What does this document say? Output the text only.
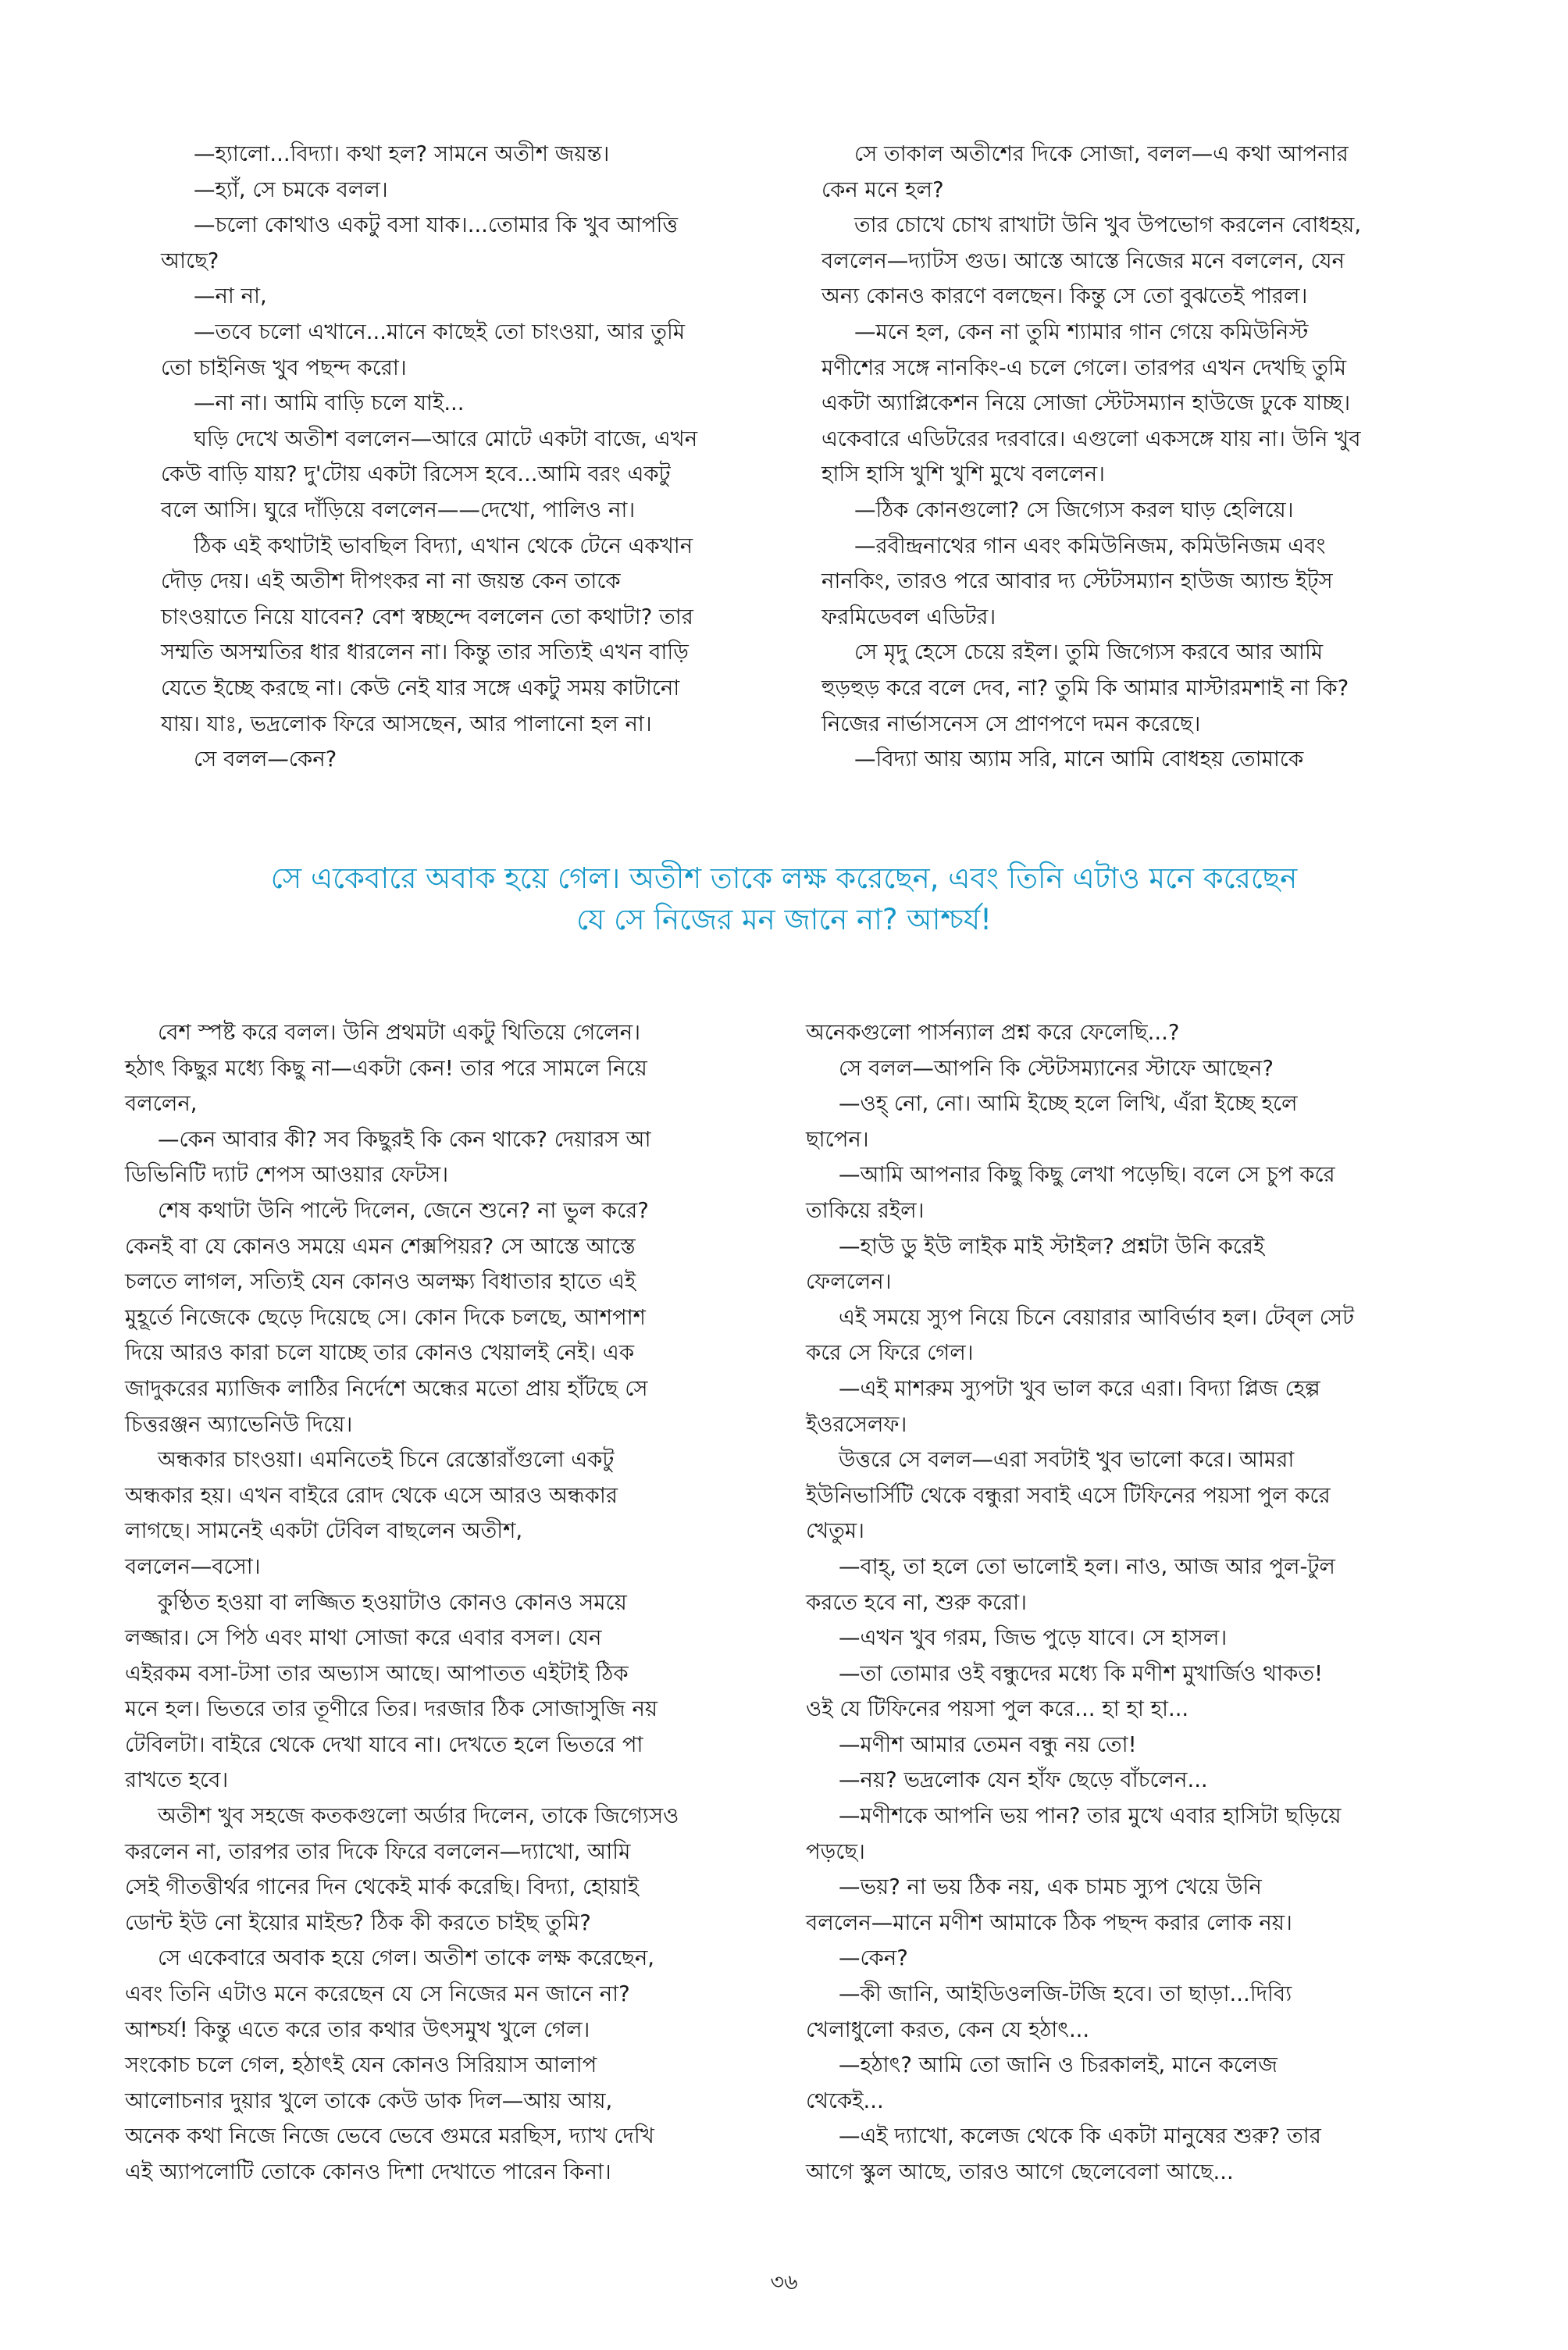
—হ্যালো...বিদ্যা। কথা হল? সামনে অতীশ জয়ন্ত।

—হ্যাঁ, সে চমকে বলল।

—চলো কোথাও একটু বসা যাক।...তোমার কি খুব আপত্তি

আছে?

—না না,

—তবে চলো এখানে...মানে কাছেই তো চাংওয়া, আর তুমি

তো চাইনিজ খুব পছন্দ করো।

—না না। আমি বাড়ি চলে যাই...

ঘড়ি দেখে অতীশ বললেন—আরে মোটে একটা বাজে, এখন

কেউ বাড়ি যায়? দু'টোয় একটা রিসেস হবে...আমি বরং একটু

বলে আসি। ঘুরে দাঁড়িয়ে বললেন——দেখো, পালিও না।

ঠিক এই কথাটাই ভাবছিল বিদ্যা, এখান থেকে টেনে একখান

দৌড় দেয়। এই অতীশ দীপংকর না না জয়ন্ত কেন তাকে

চাংওয়াতে নিয়ে যাবেন? বেশ স্বচ্ছন্দে বললেন তো কথাটা? তার

সম্মতি অসম্মতির ধার ধারলেন না। কিন্তু তার সত্যিই এখন বাড়ি

যেতে ইচ্ছে করছে না। কেউ নেই যার সঙ্গে একটু সময় কাটানো

যায়। যাঃ, ভদ্রলোক ফিরে আসছেন, আর পালানো হল না।

সে বলল—কেন?

সে তাকাল অতীশের দিকে সোজা, বলল—এ কথা আপনার

কেন মনে হল?

তার চোখে চোখ রাখাটা উনি খুব উপভোগ করলেন বোধহয়,

বললেন—দ্যাটস গুড। আস্তে আস্তে নিজের মনে বললেন, যেন

অন্য কোনও কারণে বলছেন। কিন্তু সে তো বুঝতেই পারল।

—মনে হল, কেন না তুমি শ্যামার গান গেয়ে কমিউনিস্ট

মণীশের সঙ্গে নানকিং-এ চলে গেলে। তারপর এখন দেখছি তুমি

একটা অ্যাপ্লিকেশন নিয়ে সোজা স্টেটসম্যান হাউজে ঢুকে যাচ্ছ।

একেবারে এডিটরের দরবারে। এগুলো একসঙ্গে যায় না। উনি খুব

হাসি হাসি খুশি খুশি মুখে বললেন।

—ঠিক কোনগুলো? সে জিগ্যেস করল ঘাড় হেলিয়ে।

—রবীন্দ্রনাথের গান এবং কমিউনিজম, কমিউনিজম এবং

নানকিং, তারও পরে আবার দ্য স্টেটসম্যান হাউজ অ্যান্ড ইট্স

ফরমিডেবল এডিটর।

সে মৃদু হেসে চেয়ে রইল। তুমি জিগ্যেস করবে আর আমি

হুড়হুড় করে বলে দেব, না? তুমি কি আমার মাস্টারমশাই না কি?

নিজের নার্ভাসনেস সে প্রাণপণে দমন করেছে।

—বিদ্যা আয় অ্যাম সরি, মানে আমি বোধহয় তোমাকে

সে একেবারে অবাক হয়ে গেল। অতীশ তাকে লক্ষ করেছেন, এবং তিনি এটাও মনে করেছেন

যে সে নিজের মন জানে না? আশ্চর্য!

বেশ স্পষ্ট করে বলল। উনি প্রথমটা একটু থিতিয়ে গেলেন।

হঠাৎ কিছুর মধ্যে কিছু না—একটা কেন! তার পরে সামলে নিয়ে

বললেন,

—কেন আবার কী? সব কিছুরই কি কেন থাকে? দেয়ারস আ

ডিভিনিটি দ্যাট শেপস আওয়ার ফেটস।

শেষ কথাটা উনি পাল্টে দিলেন, জেনে শুনে? না ভুল করে?

কেনই বা যে কোনও সময়ে এমন শেক্সপিয়র? সে আস্তে আস্তে

চলতে লাগল, সত্যিই যেন কোনও অলক্ষ্য বিধাতার হাতে এই

মুহূর্তে নিজেকে ছেড়ে দিয়েছে সে। কোন দিকে চলছে, আশপাশ

দিয়ে আরও কারা চলে যাচ্ছে তার কোনও খেয়ালই নেই। এক

জাদুকরের ম্যাজিক লাঠির নির্দেশে অন্ধের মতো প্রায় হাঁটছে সে

চিত্তরঞ্জন অ্যাভেনিউ দিয়ে।

অন্ধকার চাংওয়া। এমনিতেই চিনে রেস্তোরাঁগুলো একটু

অন্ধকার হয়। এখন বাইরে রোদ থেকে এসে আরও অন্ধকার

লাগছে। সামনেই একটা টেবিল বাছলেন অতীশ,

বললেন—বসো।

কুণ্ঠিত হওয়া বা লজ্জিত হওয়াটাও কোনও কোনও সময়ে

লজ্জার। সে পিঠ এবং মাথা সোজা করে এবার বসল। যেন

এইরকম বসা-টসা তার অভ্যাস আছে। আপাতত এইটাই ঠিক

মনে হল। ভিতরে তার তূণীরে তির। দরজার ঠিক সোজাসুজি নয়

টেবিলটা। বাইরে থেকে দেখা যাবে না। দেখতে হলে ভিতরে পা

রাখতে হবে।

অতীশ খুব সহজে কতকগুলো অর্ডার দিলেন, তাকে জিগ্যেসও

করলেন না, তারপর তার দিকে ফিরে বললেন—দ্যাখো, আমি

সেই গীতত্তীর্থর গানের দিন থেকেই মার্ক করেছি। বিদ্যা, হোয়াই

ডোন্ট ইউ নো ইয়োর মাইন্ড? ঠিক কী করতে চাইছ তুমি?

সে একেবারে অবাক হয়ে গেল। অতীশ তাকে লক্ষ করেছেন,

এবং তিনি এটাও মনে করেছেন যে সে নিজের মন জানে না?

আশ্চর্য! কিন্তু এতে করে তার কথার উৎসমুখ খুলে গেল।

সংকোচ চলে গেল, হঠাৎই যেন কোনও সিরিয়াস আলাপ

আলোচনার দুয়ার খুলে তাকে কেউ ডাক দিল—আয় আয়,

অনেক কথা নিজে নিজে ভেবে ভেবে গুমরে মরছিস, দ্যাখ দেখি

এই অ্যাপলোটি তোকে কোনও দিশা দেখাতে পারেন কিনা।

অনেকগুলো পার্সন্যাল প্রশ্ন করে ফেলেছি...?

সে বলল—আপনি কি স্টেটসম্যানের স্টাফে আছেন?

—ওহ্‌ নো, নো। আমি ইচ্ছে হলে লিখি, এঁরা ইচ্ছে হলে

ছাপেন।

—আমি আপনার কিছু কিছু লেখা পড়েছি। বলে সে চুপ করে

তাকিয়ে রইল।

—হাউ ডু ইউ লাইক মাই স্টাইল? প্রশ্নটা উনি করেই

ফেললেন।

এই সময়ে স্যুপ নিয়ে চিনে বেয়ারার আবির্ভাব হল। টেব্‌ল সেট

করে সে ফিরে গেল।

—এই মাশরুম স্যুপটা খুব ভাল করে এরা। বিদ্যা প্লিজ হেল্প

ইওরসেলফ।

উত্তরে সে বলল—এরা সবটাই খুব ভালো করে। আমরা

ইউনিভার্সিটি থেকে বন্ধুরা সবাই এসে টিফিনের পয়সা পুল করে

খেতুম।

—বাহ্‌, তা হলে তো ভালোই হল। নাও, আজ আর পুল-টুল

করতে হবে না, শুরু করো।

—এখন খুব গরম, জিভ পুড়ে যাবে। সে হাসল।

—তা তোমার ওই বন্ধুদের মধ্যে কি মণীশ মুখার্জিও থাকত!

ওই যে টিফিনের পয়সা পুল করে... হা হা হা...

—মণীশ আমার তেমন বন্ধু নয় তো!

—নয়? ভদ্রলোক যেন হাঁফ ছেড়ে বাঁচলেন...

—মণীশকে আপনি ভয় পান? তার মুখে এবার হাসিটা ছড়িয়ে

পড়ছে।

—ভয়? না ভয় ঠিক নয়, এক চামচ স্যুপ খেয়ে উনি

বললেন—মানে মণীশ আমাকে ঠিক পছন্দ করার লোক নয়।

—কেন?

—কী জানি, আইডিওলজি-টজি হবে। তা ছাড়া...দিব্যি

খেলাধুলো করত, কেন যে হঠাৎ...

—হঠাৎ? আমি তো জানি ও চিরকালই, মানে কলেজ

থেকেই...

—এই দ্যাখো, কলেজ থেকে কি একটা মানুষের শুরু? তার

আগে স্কুল আছে, তারও আগে ছেলেবেলা আছে...

৩৬
